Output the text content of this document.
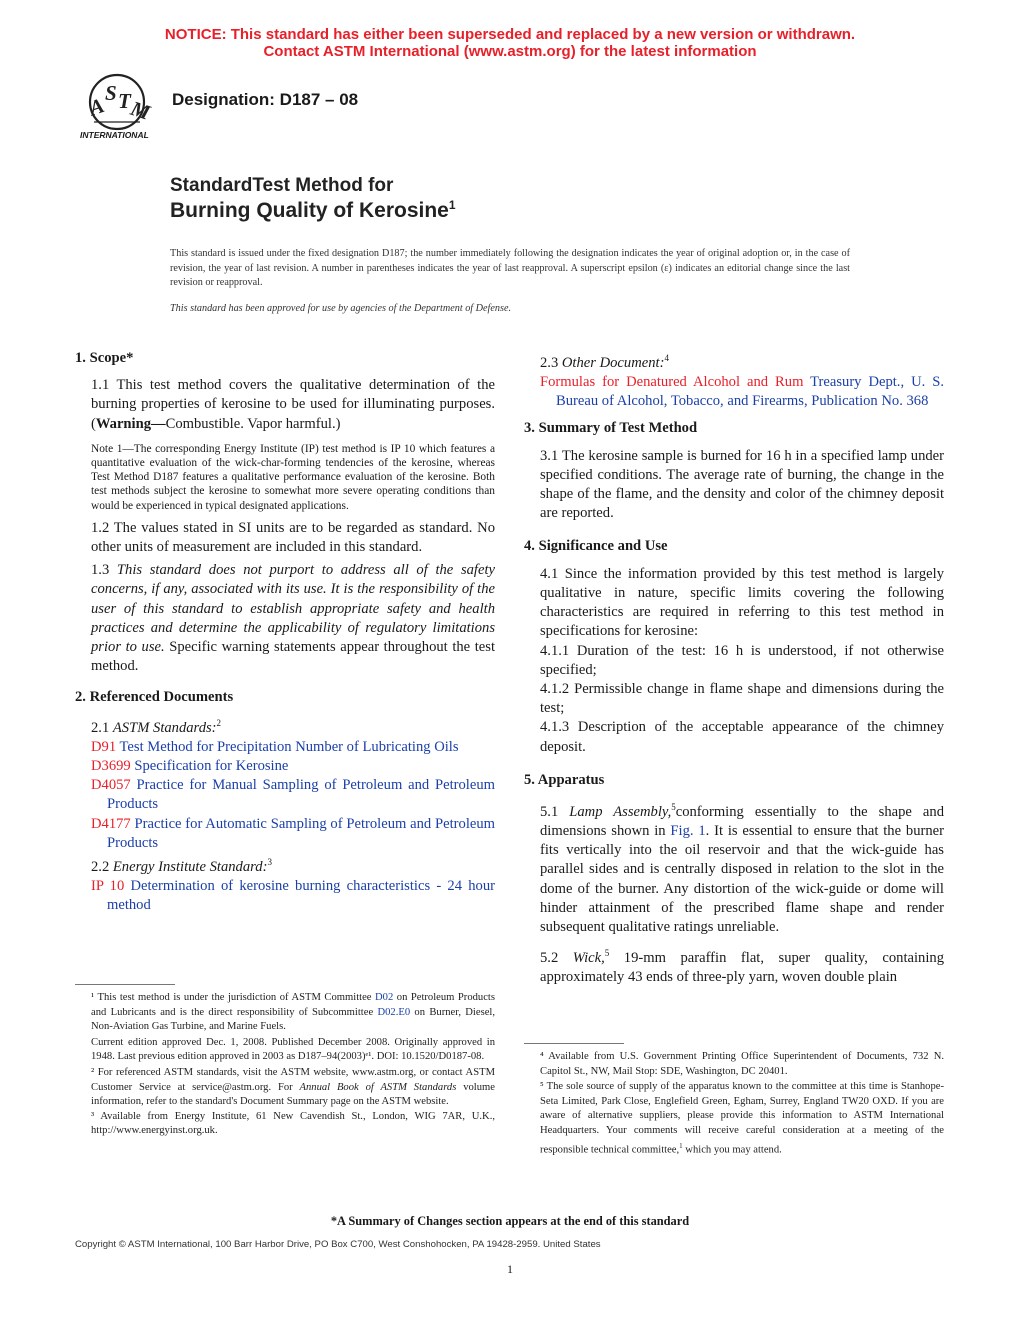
NOTICE: This standard has either been superseded and replaced by a new version or withdrawn.
Contact ASTM International (www.astm.org) for the latest information
A
S T
M
INTERNATIONAL
Designation: D187 – 08
StandardTest Method for
Burning Quality of Kerosine$^1$
This standard is issued under the fixed designation D187; the number immediately following the designation indicates the year of original adoption or, in the case of revision, the year of last revision. A number in parentheses indicates the year of last reapproval. A superscript epsilon (ε) indicates an editorial change since the last revision or reapproval.
This standard has been approved for use by agencies of the Department of Defense.
1. Scope*

1.1 This test method covers the qualitative determination of the burning properties of kerosine to be used for illuminating purposes. (Warning—Combustible. Vapor harmful.)

Note 1—The corresponding Energy Institute (IP) test method is IP 10 which features a quantitative evaluation of the wick-char-forming tendencies of the kerosine, whereas Test Method D187 features a qualitative performance evaluation of the kerosine. Both test methods subject the kerosine to somewhat more severe operating conditions than would be experienced in typical designated applications.

1.2 The values stated in SI units are to be regarded as standard. No other units of measurement are included in this standard.

1.3 This standard does not purport to address all of the safety concerns, if any, associated with its use. It is the responsibility of the user of this standard to establish appropriate safety and health practices and determine the applicability of regulatory limitations prior to use. Specific warning statements appear throughout the test method.

2. Referenced Documents

2.1 ASTM Standards:$^2$

D91 Test Method for Precipitation Number of Lubricating Oils

D3699 Specification for Kerosine

D4057 Practice for Manual Sampling of Petroleum and Petroleum Products

D4177 Practice for Automatic Sampling of Petroleum and Petroleum Products

2.2 Energy Institute Standard:$^3$

IP 10 Determination of kerosine burning characteristics - 24 hour method

¹ This test method is under the jurisdiction of ASTM Committee D02 on Petroleum Products and Lubricants and is the direct responsibility of Subcommittee D02.E0 on Burner, Diesel, Non-Aviation Gas Turbine, and Marine Fuels.

Current edition approved Dec. 1, 2008. Published December 2008. Originally approved in 1948. Last previous edition approved in 2003 as D187–94(2003)ᵉ¹. DOI: 10.1520/D0187-08.

² For referenced ASTM standards, visit the ASTM website, www.astm.org, or contact ASTM Customer Service at service@astm.org. For Annual Book of ASTM Standards volume information, refer to the standard's Document Summary page on the ASTM website.

³ Available from Energy Institute, 61 New Cavendish St., London, WIG 7AR, U.K., http://www.energyinst.org.uk.

2.3 Other Document:$^4$

Formulas for Denatured Alcohol and Rum Treasury Dept., U. S. Bureau of Alcohol, Tobacco, and Firearms, Publication No. 368

3. Summary of Test Method

3.1 The kerosine sample is burned for 16 h in a specified lamp under specified conditions. The average rate of burning, the change in the shape of the flame, and the density and color of the chimney deposit are reported.

4. Significance and Use

4.1 Since the information provided by this test method is largely qualitative in nature, specific limits covering the following characteristics are required in referring to this test method in specifications for kerosine:

4.1.1 Duration of the test: 16 h is understood, if not otherwise specified;

4.1.2 Permissible change in flame shape and dimensions during the test;

4.1.3 Description of the acceptable appearance of the chimney deposit.

5. Apparatus

5.1 Lamp Assembly,$^5$conforming essentially to the shape and dimensions shown in Fig. 1. It is essential to ensure that the burner fits vertically into the oil reservoir and that the wick-guide has parallel sides and is centrally disposed in relation to the slot in the dome of the burner. Any distortion of the wick-guide or dome will hinder attainment of the prescribed flame shape and render subsequent qualitative ratings unreliable.

5.2 Wick,$^5$ 19-mm paraffin flat, super quality, containing approximately 43 ends of three-ply yarn, woven double plain

⁴ Available from U.S. Government Printing Office Superintendent of Documents, 732 N. Capitol St., NW, Mail Stop: SDE, Washington, DC 20401.

⁵ The sole source of supply of the apparatus known to the committee at this time is Stanhope-Seta Limited, Park Close, Englefield Green, Egham, Surrey, England TW20 OXD. If you are aware of alternative suppliers, please provide this information to ASTM International Headquarters. Your comments will receive careful consideration at a meeting of the responsible technical committee,$^1$ which you may attend.

*A Summary of Changes section appears at the end of this standard
Copyright © ASTM International, 100 Barr Harbor Drive, PO Box C700, West Conshohocken, PA 19428-2959. United States
1
